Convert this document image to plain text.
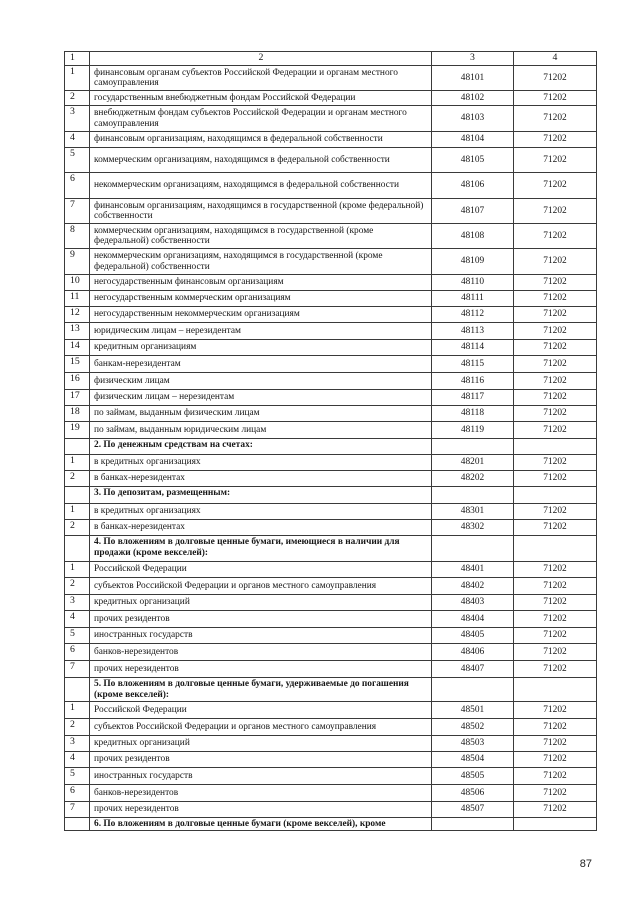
1	2	3	4
1	финансовым органам субъектов Российской Федерации и органам местного самоуправления	48101	71202
2	государственным внебюджетным фондам Российской Федерации	48102	71202
3	внебюджетным фондам субъектов Российской Федерации и органам местного самоуправления	48103	71202
4	финансовым организациям, находящимся в федеральной собственности	48104	71202
5	коммерческим организациям, находящимся в федеральной собственности	48105	71202
6	некоммерческим организациям, находящимся в федеральной собственности	48106	71202
7	финансовым организациям, находящимся в государственной (кроме федеральной) собственности	48107	71202
8	коммерческим организациям, находящимся в государственной (кроме федеральной) собственности	48108	71202
9	некоммерческим организациям, находящимся в государственной (кроме федеральной) собственности	48109	71202
10	негосударственным финансовым организациям	48110	71202
11	негосударственным коммерческим организациям	48111	71202
12	негосударственным некоммерческим организациям	48112	71202
13	юридическим лицам – нерезидентам	48113	71202
14	кредитным организациям	48114	71202
15	банкам-нерезидентам	48115	71202
16	физическим лицам	48116	71202
17	физическим лицам – нерезидентам	48117	71202
18	по займам, выданным физическим лицам	48118	71202
19	по займам, выданным юридическим лицам	48119	71202
	2. По денежным средствам на счетах:		
1	в кредитных организациях	48201	71202
2	в банках-нерезидентах	48202	71202
	3. По депозитам, размещенным:		
1	в кредитных организациях	48301	71202
2	в банках-нерезидентах	48302	71202
	4. По вложениям в долговые ценные бумаги, имеющиеся в наличии для продажи (кроме векселей):		
1	Российской Федерации	48401	71202
2	субъектов Российской Федерации и органов местного самоуправления	48402	71202
3	кредитных организаций	48403	71202
4	прочих резидентов	48404	71202
5	иностранных государств	48405	71202
6	банков-нерезидентов	48406	71202
7	прочих нерезидентов	48407	71202
	5. По вложениям в долговые ценные бумаги, удерживаемые до погашения (кроме векселей):		
1	Российской Федерации	48501	71202
2	субъектов Российской Федерации и органов местного самоуправления	48502	71202
3	кредитных организаций	48503	71202
4	прочих резидентов	48504	71202
5	иностранных государств	48505	71202
6	банков-нерезидентов	48506	71202
7	прочих нерезидентов	48507	71202
	6. По вложениям в долговые ценные бумаги (кроме векселей), кроме		
87
